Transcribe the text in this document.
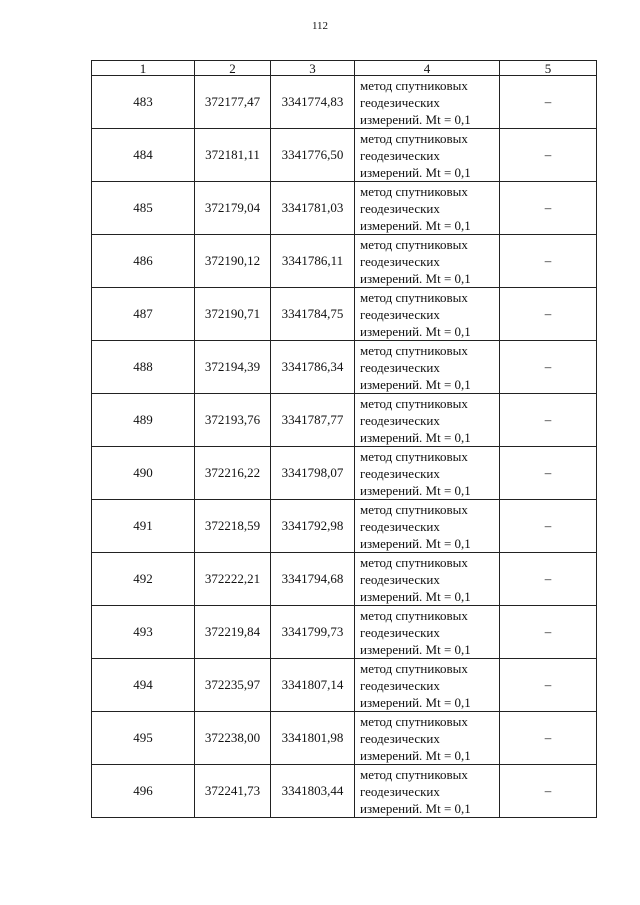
112
1	2	3	4	5
483	372177,47	3341774,83	метод спутниковых
геодезических
измерений. Mt = 0,1	–
484	372181,11	3341776,50	метод спутниковых
геодезических
измерений. Mt = 0,1	–
485	372179,04	3341781,03	метод спутниковых
геодезических
измерений. Mt = 0,1	–
486	372190,12	3341786,11	метод спутниковых
геодезических
измерений. Mt = 0,1	–
487	372190,71	3341784,75	метод спутниковых
геодезических
измерений. Mt = 0,1	–
488	372194,39	3341786,34	метод спутниковых
геодезических
измерений. Mt = 0,1	–
489	372193,76	3341787,77	метод спутниковых
геодезических
измерений. Mt = 0,1	–
490	372216,22	3341798,07	метод спутниковых
геодезических
измерений. Mt = 0,1	–
491	372218,59	3341792,98	метод спутниковых
геодезических
измерений. Mt = 0,1	–
492	372222,21	3341794,68	метод спутниковых
геодезических
измерений. Mt = 0,1	–
493	372219,84	3341799,73	метод спутниковых
геодезических
измерений. Mt = 0,1	–
494	372235,97	3341807,14	метод спутниковых
геодезических
измерений. Mt = 0,1	–
495	372238,00	3341801,98	метод спутниковых
геодезических
измерений. Mt = 0,1	–
496	372241,73	3341803,44	метод спутниковых
геодезических
измерений. Mt = 0,1	–
